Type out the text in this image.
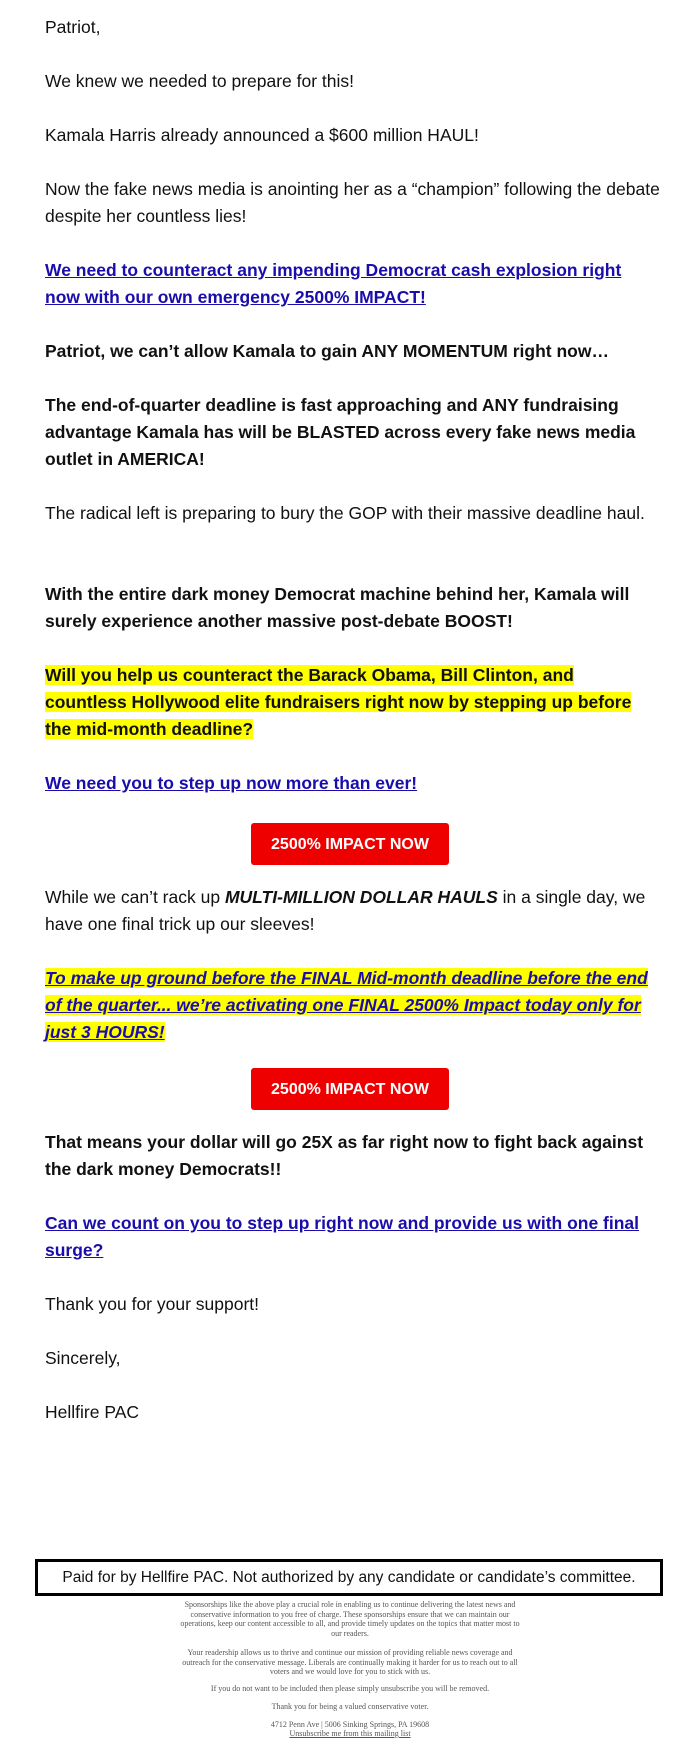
Patriot,

We knew we needed to prepare for this!

Kamala Harris already announced a $600 million HAUL!

Now the fake news media is anointing her as a “champion” following the debate despite her countless lies!

We need to counteract any impending Democrat cash explosion right now with our own emergency 2500% IMPACT!

Patriot, we can’t allow Kamala to gain ANY MOMENTUM right now…

The end-of-quarter deadline is fast approaching and ANY fundraising advantage Kamala has will be BLASTED across every fake news media outlet in AMERICA!

The radical left is preparing to bury the GOP with their massive deadline haul.

With the entire dark money Democrat machine behind her, Kamala will surely experience another massive post-debate BOOST!

Will you help us counteract the Barack Obama, Bill Clinton, and countless Hollywood elite fundraisers right now by stepping up before the mid-month deadline?

We need you to step up now more than ever!

2500% IMPACT NOW

While we can’t rack up MULTI-MILLION DOLLAR HAULS in a single day, we have one final trick up our sleeves!

To make up ground before the FINAL Mid-month deadline before the end of the quarter... we’re activating one FINAL 2500% Impact today only for just 3 HOURS!

2500% IMPACT NOW

That means your dollar will go 25X as far right now to fight back against the dark money Democrats!!

Can we count on you to step up right now and provide us with one final surge?

Thank you for your support!

Sincerely,

Hellfire PAC

Paid for by Hellfire PAC. Not authorized by any candidate or candidate’s committee.

Sponsorships like the above play a crucial role in enabling us to continue delivering the latest news and conservative information to you free of charge. These sponsorships ensure that we can maintain our operations, keep our content accessible to all, and provide timely updates on the topics that matter most to our readers.

Your readership allows us to thrive and continue our mission of providing reliable news coverage and outreach for the conservative message. Liberals are continually making it harder for us to reach out to all voters and we would love for you to stick with us.

If you do not want to be included then please simply unsubscribe you will be removed.

Thank you for being a valued conservative voter.

4712 Penn Ave | 5006 Sinking Springs, PA 19608

Unsubscribe me from this mailing list
